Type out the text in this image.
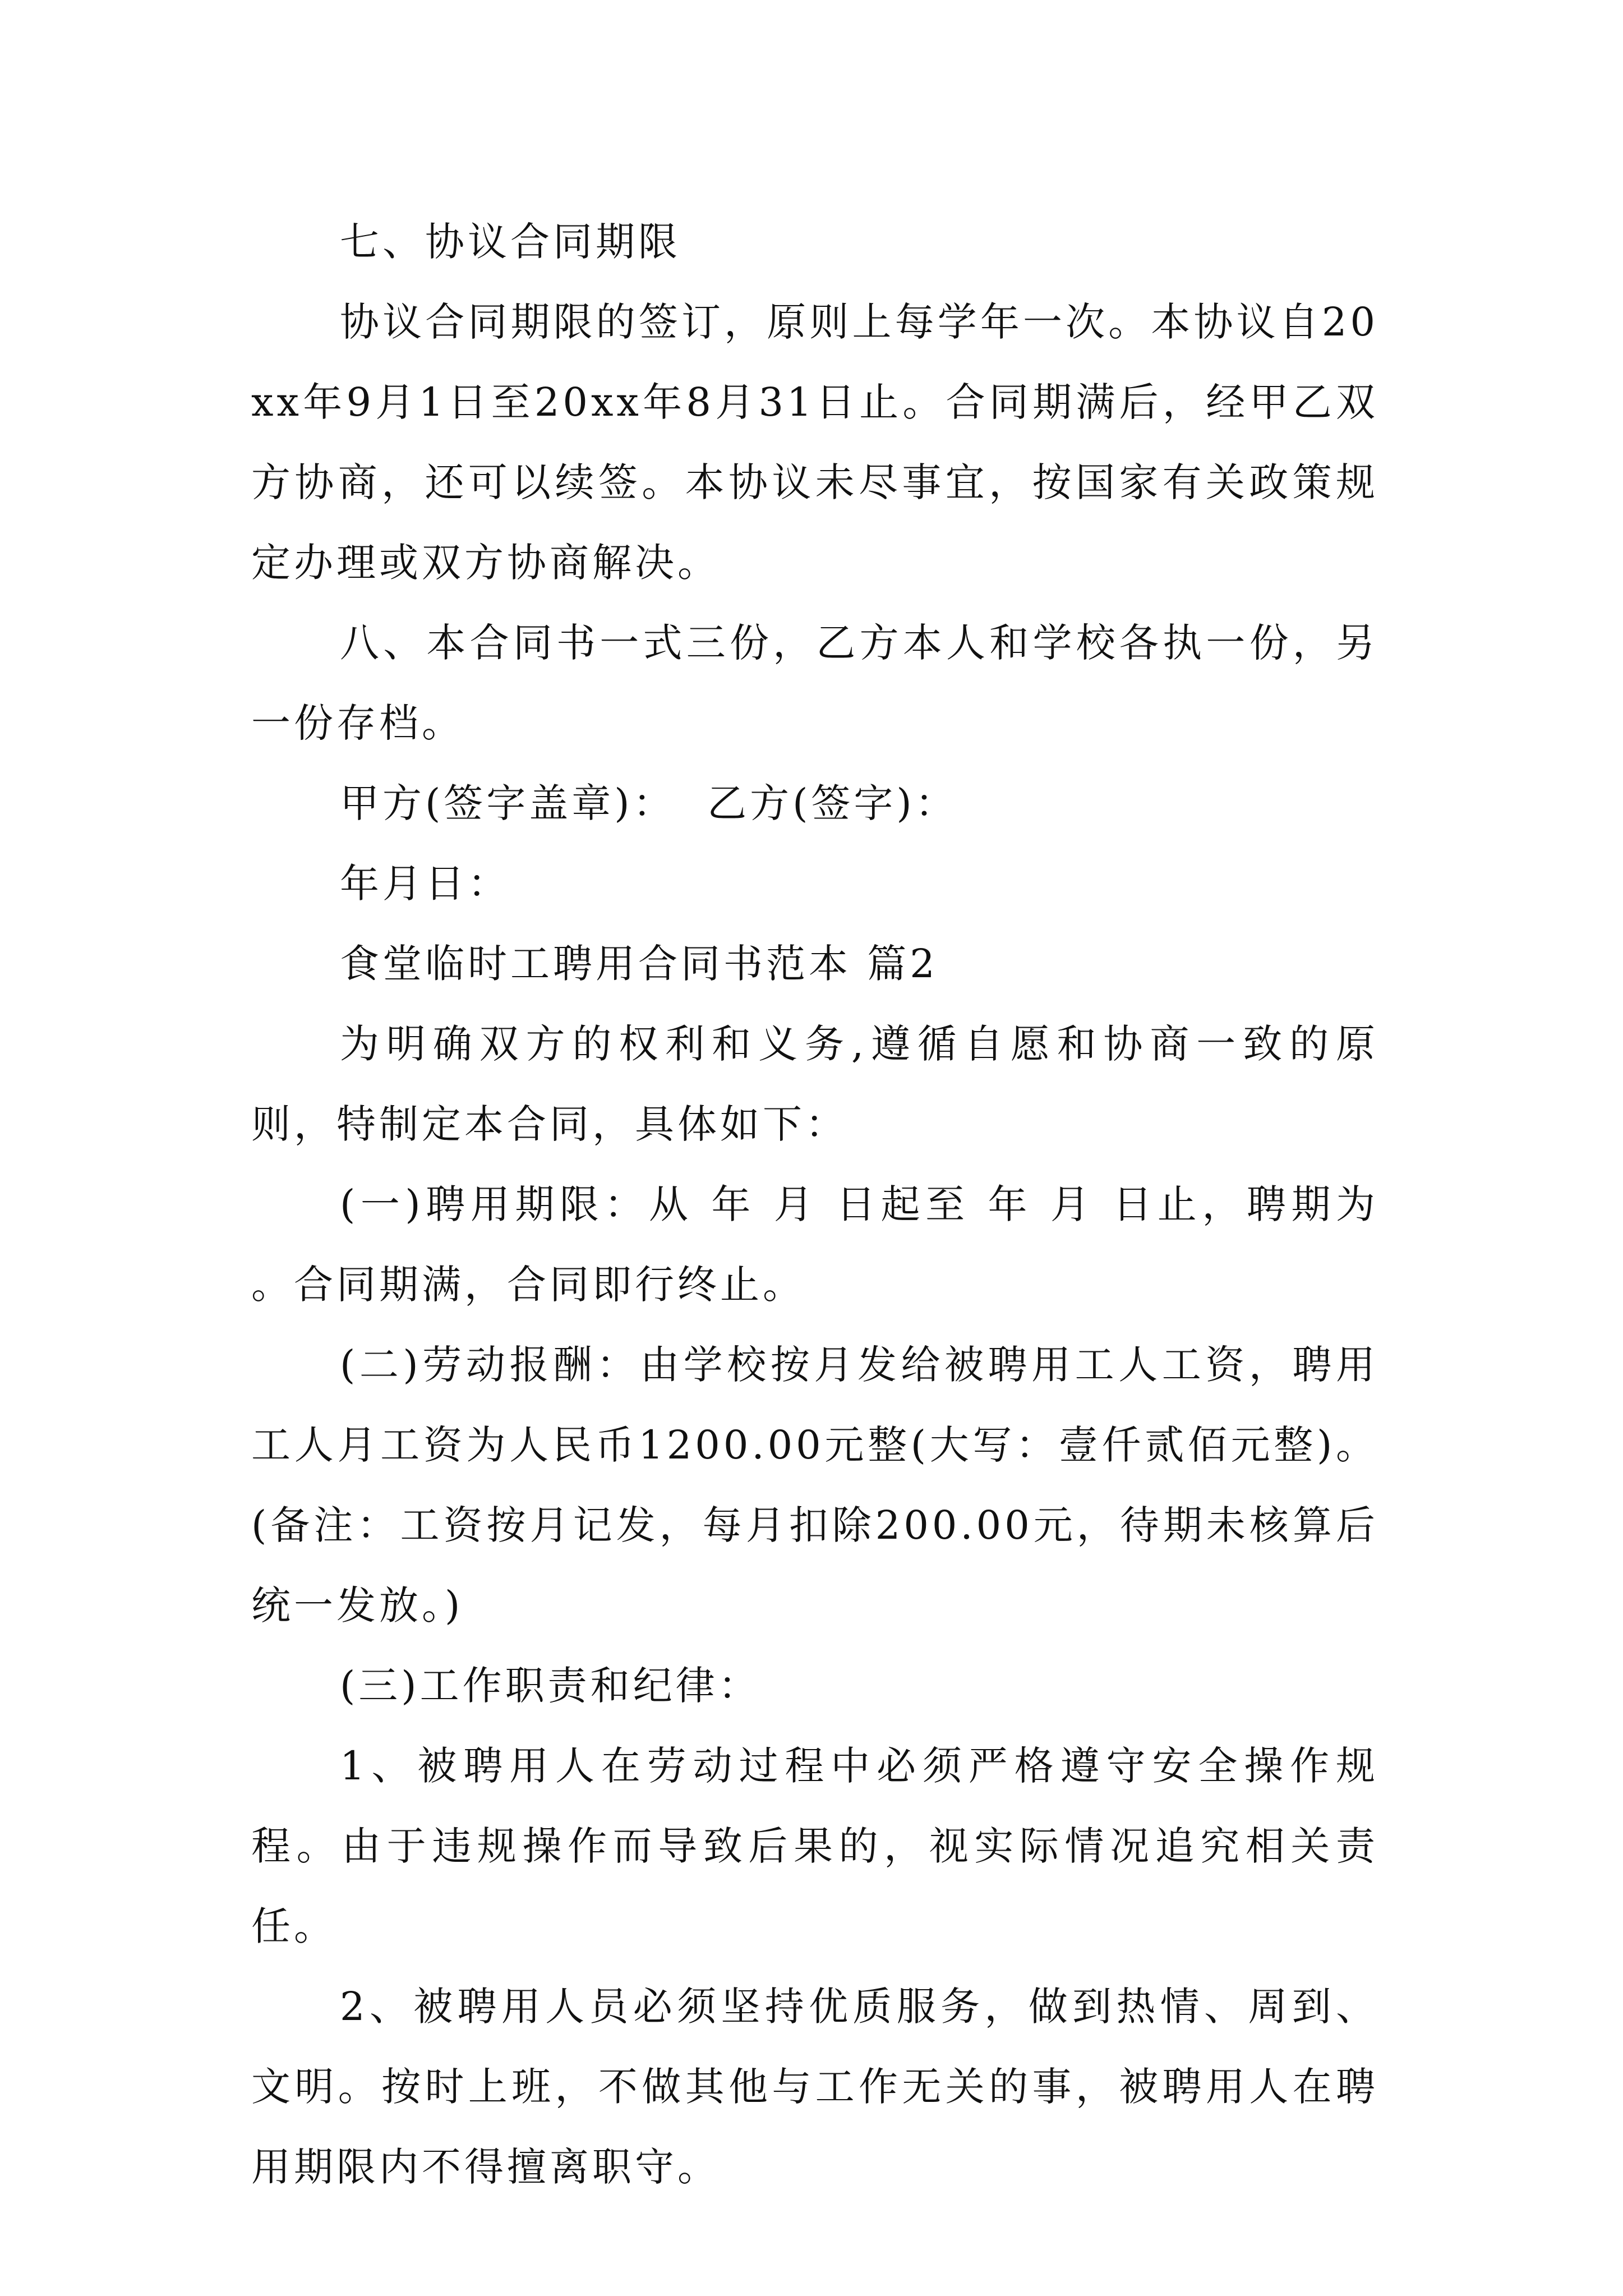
七、协议合同期限

协议合同期限的签订，原则上每学年一次。本协议自20xx年9月1日至20xx年8月31日止。合同期满后，经甲乙双方协商，还可以续签。本协议未尽事宜，按国家有关政策规定办理或双方协商解决。

八、本合同书一式三份，乙方本人和学校各执一份，另一份存档。

甲方(签字盖章)：  乙方(签字)：

年月日：

食堂临时工聘用合同书范本 篇2

为明确双方的权利和义务,遵循自愿和协商一致的原则，特制定本合同，具体如下：

(一)聘用期限：从 年 月 日起至 年 月 日止，聘期为 。合同期满，合同即行终止。

(二)劳动报酬：由学校按月发给被聘用工人工资，聘用工人月工资为人民币1200.00元整(大写：壹仟贰佰元整)。(备注：工资按月记发，每月扣除200.00元，待期未核算后统一发放。)

(三)工作职责和纪律：

1、被聘用人在劳动过程中必须严格遵守安全操作规程。由于违规操作而导致后果的，视实际情况追究相关责任。

2、被聘用人员必须坚持优质服务，做到热情、周到、文明。按时上班，不做其他与工作无关的事，被聘用人在聘用期限内不得擅离职守。
